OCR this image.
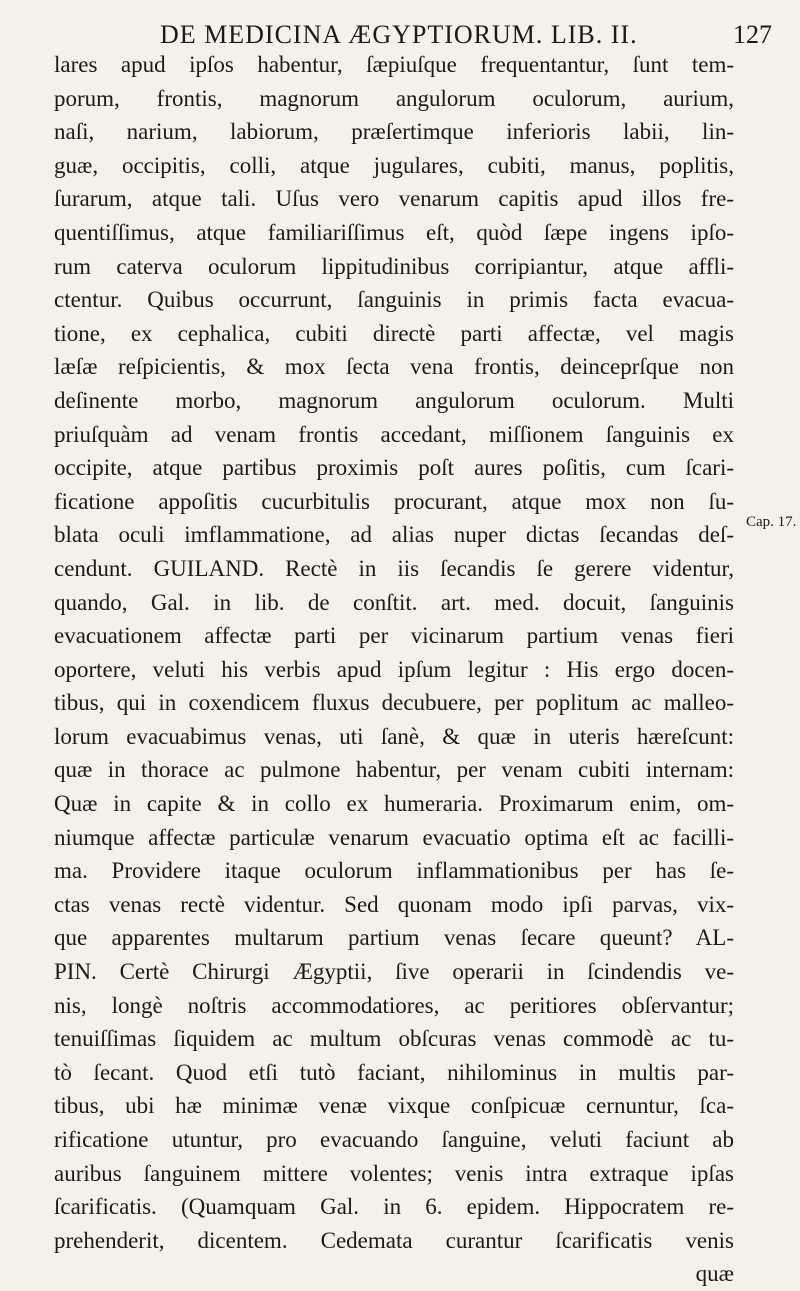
DE MEDICINA ÆGYPTIORUM. LIB. II.	127
lares apud ipſos habentur, ſæpiuſque frequentantur, ſunt tem-
porum, frontis, magnorum angulorum oculorum, aurium,
naſi, narium, labiorum, præſertimque inferioris labii, lin-
guæ, occipitis, colli, atque jugulares, cubiti, manus, poplitis,
ſurarum, atque tali. Uſus vero venarum capitis apud illos fre-
quentiſſimus, atque familiariſſimus eſt, quòd ſæpe ingens ipſo-
rum caterva oculorum lippitudinibus corripiantur, atque affli-
ctentur. Quibus occurrunt, ſanguinis in primis facta evacua-
tione, ex cephalica, cubiti directè parti affectæ, vel magis
læſæ reſpicientis, & mox ſecta vena frontis, deinceprſque non
deſinente morbo, magnorum angulorum oculorum. Multi
priuſquàm ad venam frontis accedant, miſſionem ſanguinis ex
occipite, atque partibus proximis poſt aures poſitis, cum ſcari-
ficatione appoſitis cucurbitulis procurant, atque mox non ſu-
blata oculi imflammatione, ad alias nuper dictas ſecandas deſ-
cendunt. GUILAND. Rectè in iis ſecandis ſe gerere videntur,
quando, Gal. in lib. de conſtit. art. med. docuit, ſanguinis
evacuationem affectæ parti per vicinarum partium venas fieri
oportere, veluti his verbis apud ipſum legitur : His ergo docen-
tibus, qui in coxendicem fluxus decubuere, per poplitum ac malleo-
lorum evacuabimus venas, uti ſanè, & quæ in uteris hæreſcunt:
quæ in thorace ac pulmone habentur, per venam cubiti internam:
Quæ in capite & in collo ex humeraria. Proximarum enim, om-
niumque affectæ particulæ venarum evacuatio optima eſt ac facilli-
ma. Providere itaque oculorum inflammationibus per has ſe-
ctas venas rectè videntur. Sed quonam modo ipſi parvas, vix-
que apparentes multarum partium venas ſecare queunt? AL-
PIN. Certè Chirurgi Ægyptii, ſive operarii in ſcindendis ve-
nis, longè noſtris accommodatiores, ac peritiores obſervantur;
tenuiſſimas ſiquidem ac multum obſcuras venas commodè ac tu-
tò ſecant. Quod etſi tutò faciant, nihilominus in multis par-
tibus, ubi hæ minimæ venæ vixque conſpicuæ cernuntur, ſca-
rificatione utuntur, pro evacuando ſanguine, veluti faciunt ab
auribus ſanguinem mittere volentes; venis intra extraque ipſas
ſcarificatis. (Quamquam Gal. in 6. epidem. Hippocratem re-
prehenderit, dicentem. Cedemata curantur ſcarificatis venis
quæ
Cap. 17.
